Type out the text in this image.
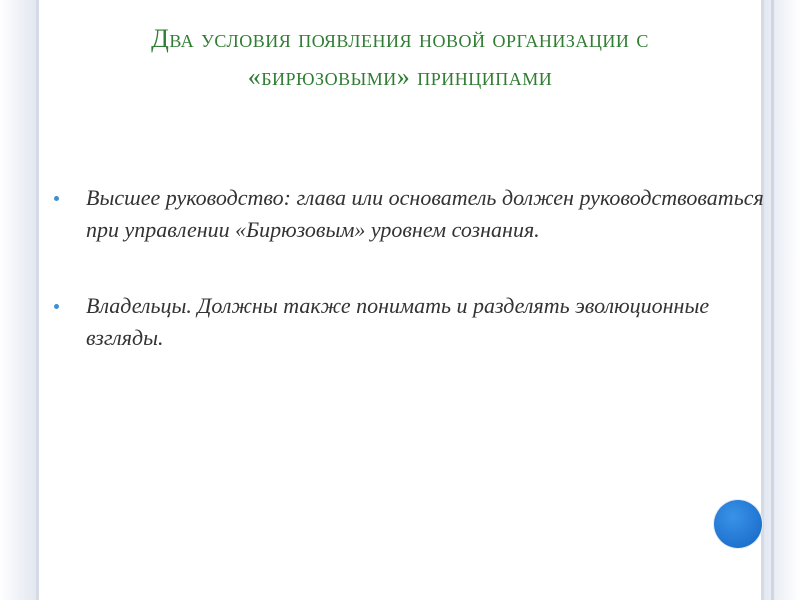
Два условия появления новой организации с
«бирюзовыми» принципами
Высшее руководство: глава или основатель должен руководствоваться при управлении «Бирюзовым» уровнем сознания.
Владельцы. Должны также понимать и разделять эволюционные взгляды.
